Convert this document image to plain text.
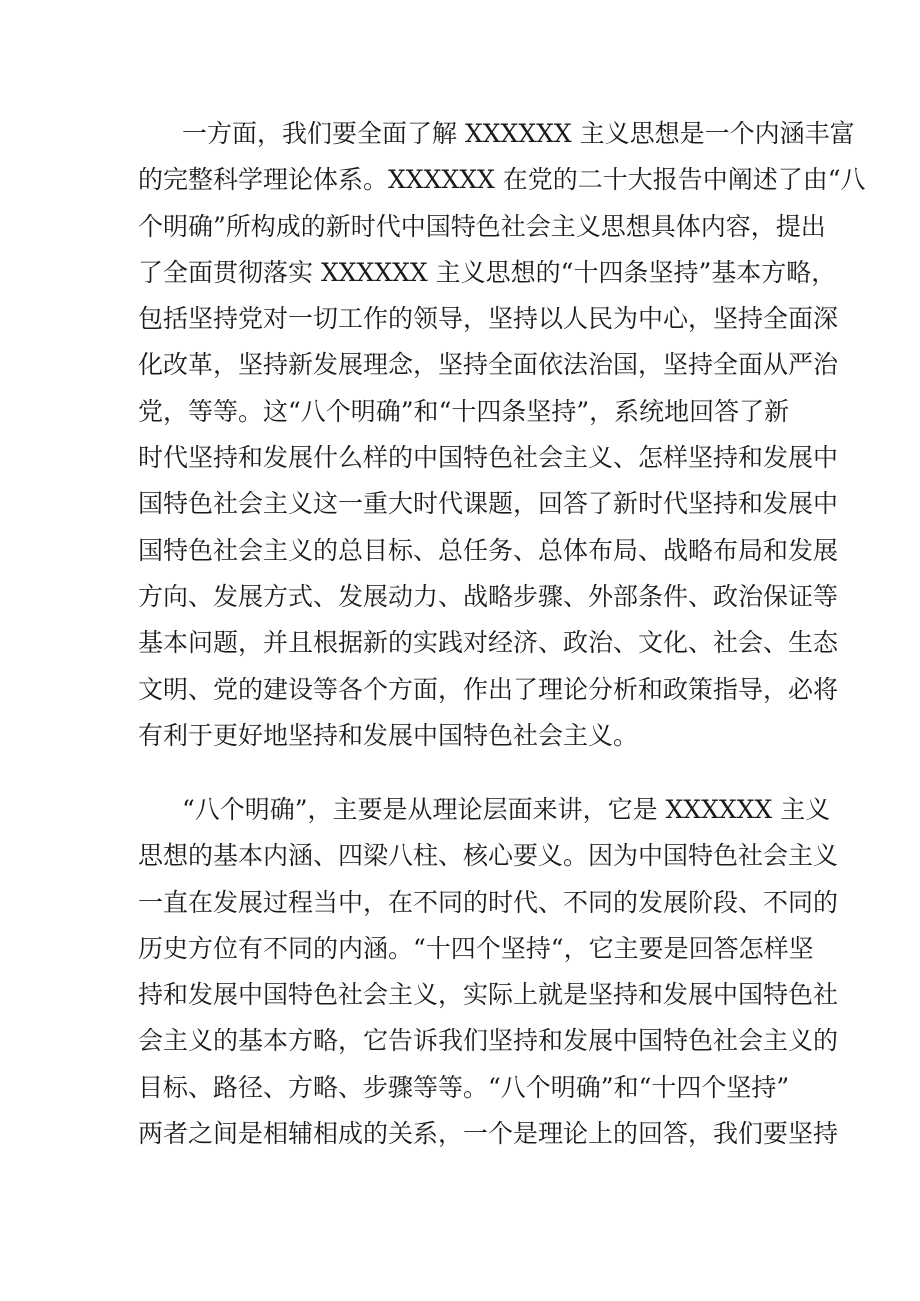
一方面，我们要全面了解 XXXXXX 主义思想是一个内涵丰富
的完整科学理论体系。XXXXXX 在党的二十大报告中阐述了由“八
个明确”所构成的新时代中国特色社会主义思想具体内容，提出
了全面贯彻落实 XXXXXX 主义思想的“十四条坚持”基本方略，
包括坚持党对一切工作的领导，坚持以人民为中心，坚持全面深
化改革，坚持新发展理念，坚持全面依法治国，坚持全面从严治
党，等等。这“八个明确”和“十四条坚持”，系统地回答了新
时代坚持和发展什么样的中国特色社会主义、怎样坚持和发展中
国特色社会主义这一重大时代课题，回答了新时代坚持和发展中
国特色社会主义的总目标、总任务、总体布局、战略布局和发展
方向、发展方式、发展动力、战略步骤、外部条件、政治保证等
基本问题，并且根据新的实践对经济、政治、文化、社会、生态
文明、党的建设等各个方面，作出了理论分析和政策指导，必将
有利于更好地坚持和发展中国特色社会主义。
“八个明确”，主要是从理论层面来讲，它是 XXXXXX 主义
思想的基本内涵、四梁八柱、核心要义。因为中国特色社会主义
一直在发展过程当中，在不同的时代、不同的发展阶段、不同的
历史方位有不同的内涵。“十四个坚持“，它主要是回答怎样坚
持和发展中国特色社会主义，实际上就是坚持和发展中国特色社
会主义的基本方略，它告诉我们坚持和发展中国特色社会主义的
目标、路径、方略、步骤等等。“八个明确”和“十四个坚持”
两者之间是相辅相成的关系，一个是理论上的回答，我们要坚持
